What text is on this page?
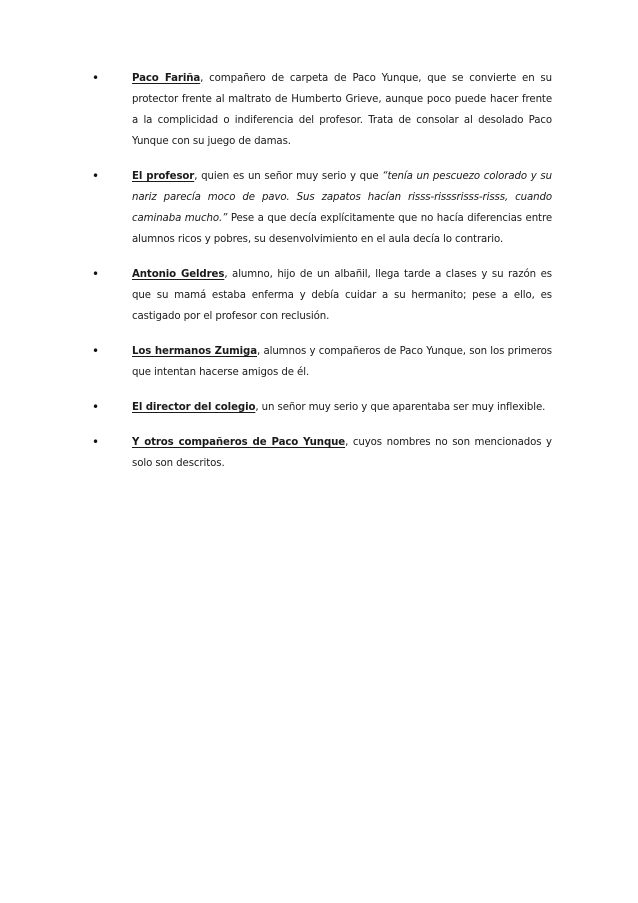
•	Paco Fariña, compañero de carpeta de Paco Yunque, que se convierte en su protector frente al maltrato de Humberto Grieve, aunque poco puede hacer frente a la complicidad o indiferencia del profesor. Trata de consolar al desolado Paco Yunque con su juego de damas.
•	El profesor, quien es un señor muy serio y que “tenía un pescuezo colorado y su nariz parecía moco de pavo. Sus zapatos hacían risss-risssrisss-risss, cuando caminaba mucho.” Pese a que decía explícitamente que no hacía diferencias entre alumnos ricos y pobres, su desenvolvimiento en el aula decía lo contrario.
•	Antonio Geldres, alumno, hijo de un albañil, llega tarde a clases y su razón es que su mamá estaba enferma y debía cuidar a su hermanito; pese a ello, es castigado por el profesor con reclusión.
•	Los hermanos Zumiga, alumnos y compañeros de Paco Yunque, son los primeros que intentan hacerse amigos de él.
•	El director del colegio, un señor muy serio y que aparentaba ser muy inflexible.
•	Y otros compañeros de Paco Yunque, cuyos nombres no son mencionados y solo son descritos.
